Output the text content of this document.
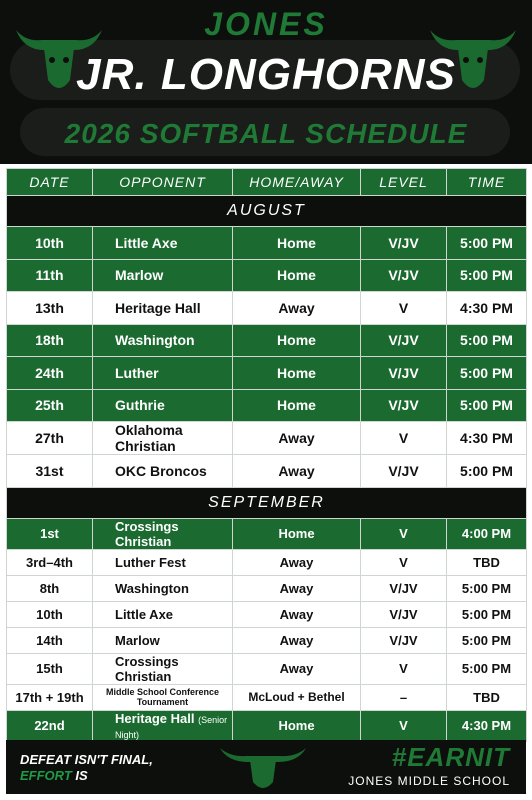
JONES
JR. LONGHORNS
2026 SOFTBALL SCHEDULE
DATE	OPPONENT	HOME/AWAY	LEVEL	TIME
AUGUST				
10th	Little Axe	Home	V/JV	5:00 PM
11th	Marlow	Home	V/JV	5:00 PM
13th	Heritage Hall	Away	V	4:30 PM
18th	Washington	Home	V/JV	5:00 PM
24th	Luther	Home	V/JV	5:00 PM
25th	Guthrie	Home	V/JV	5:00 PM
27th	Oklahoma Christian	Away	V	4:30 PM
31st	OKC Broncos	Away	V/JV	5:00 PM
SEPTEMBER				
1st	Crossings Christian	Home	V	4:00 PM
3rd–4th	Luther Fest	Away	V	TBD
8th	Washington	Away	V/JV	5:00 PM
10th	Little Axe	Away	V/JV	5:00 PM
14th	Marlow	Away	V/JV	5:00 PM
15th	Crossings Christian	Away	V	5:00 PM
17th + 19th	Middle School Conference Tournament	McLoud + Bethel	–	TBD
22nd	Heritage Hall (Senior Night)	Home	V	4:30 PM
DEFEAT ISN'T FINAL,
EFFORT IS
#EARNIT
JONES MIDDLE SCHOOL
